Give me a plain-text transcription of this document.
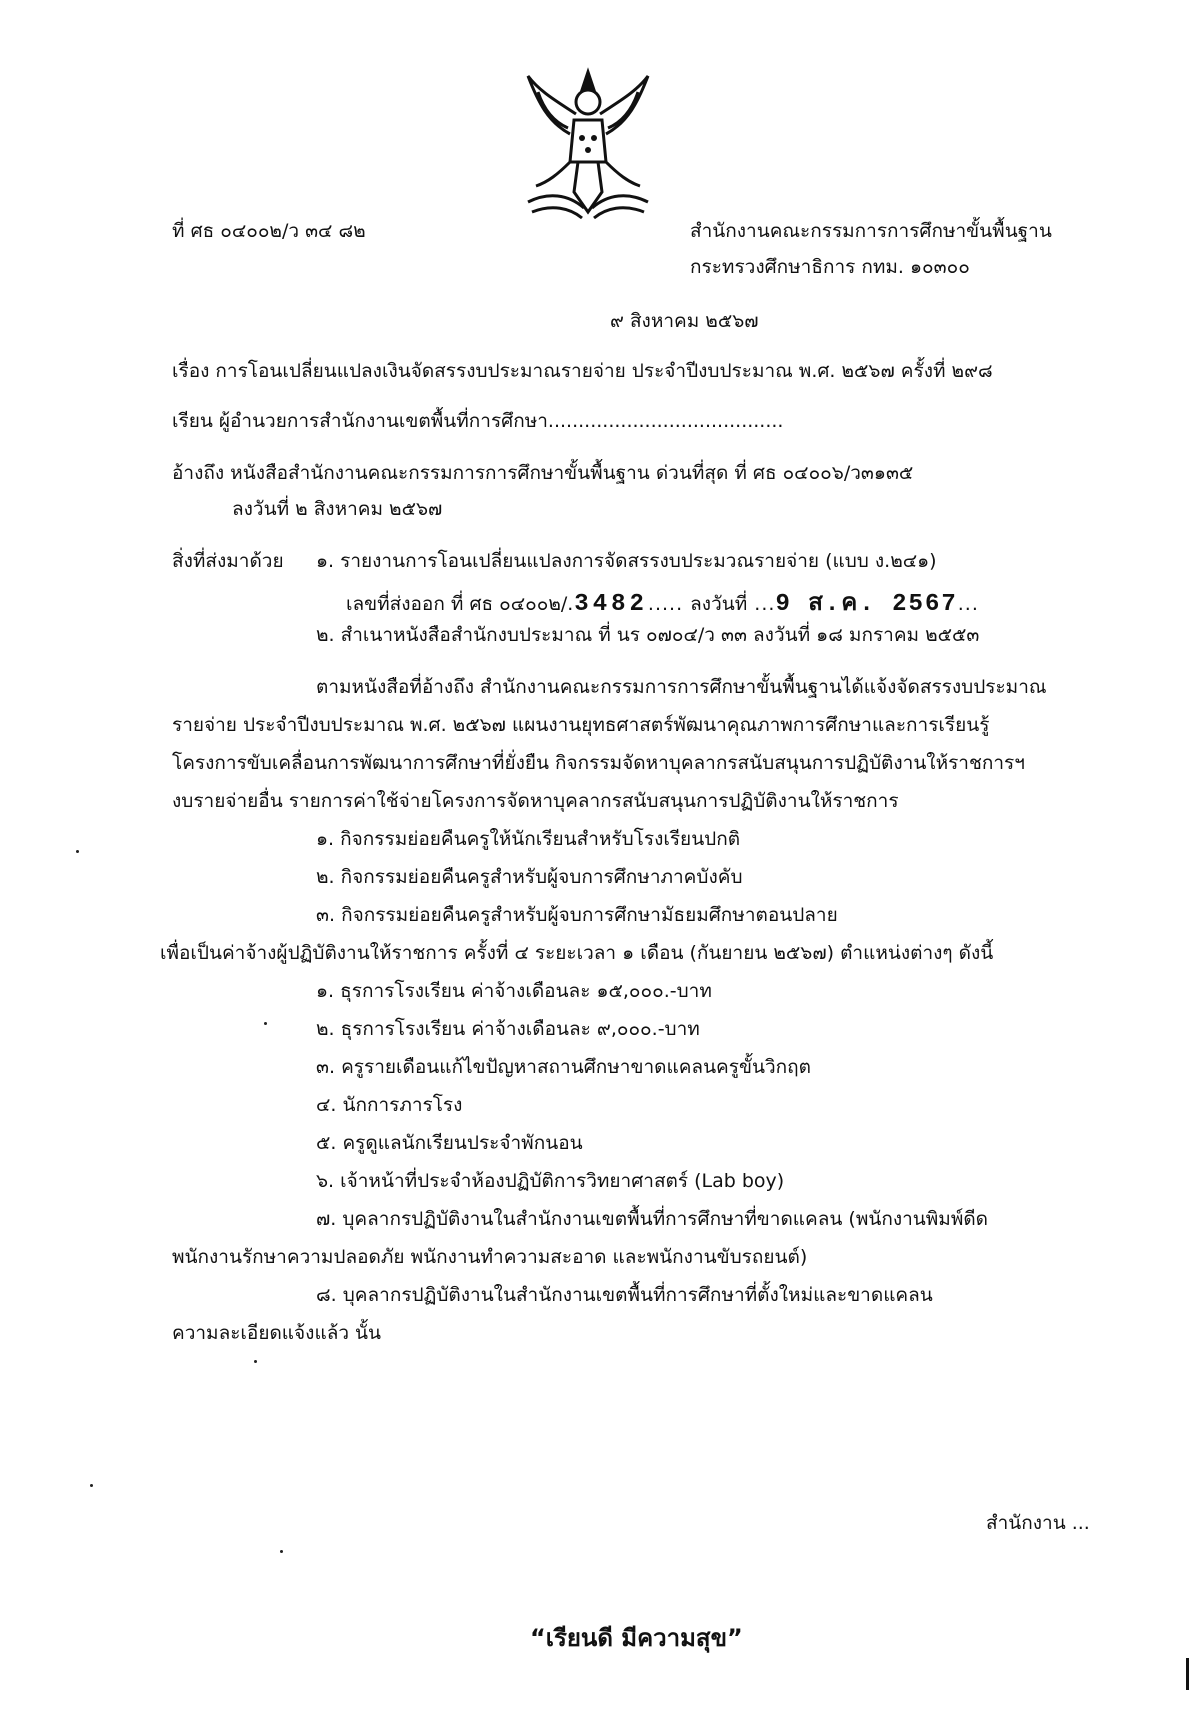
ที่ ศธ ๐๔๐๐๒/ว ๓๔ ๘๒	สำนักงานคณะกรรมการการศึกษาขั้นพื้นฐาน
กระทรวงศึกษาธิการ กทม. ๑๐๓๐๐
๙ สิงหาคม ๒๕๖๗
เรื่อง การโอนเปลี่ยนแปลงเงินจัดสรรงบประมาณรายจ่าย ประจำปีงบประมาณ พ.ศ. ๒๕๖๗ ครั้งที่ ๒๙๘
เรียน ผู้อำนวยการสำนักงานเขตพื้นที่การศึกษา.......................................
อ้างถึง หนังสือสำนักงานคณะกรรมการการศึกษาขั้นพื้นฐาน ด่วนที่สุด ที่ ศธ ๐๔๐๐๖/ว๓๑๓๕
ลงวันที่ ๒ สิงหาคม ๒๕๖๗
สิ่งที่ส่งมาด้วย ๑. รายงานการโอนเปลี่ยนแปลงการจัดสรรงบประมวณรายจ่าย (แบบ ง.๒๔๑)
เลขที่ส่งออก ที่ ศธ ๐๔๐๐๒/.3482..... ลงวันที่ ...9 ส.ค. 2567...
๒. สำเนาหนังสือสำนักงบประมาณ ที่ นร ๐๗๐๔/ว ๓๓ ลงวันที่ ๑๘ มกราคม ๒๕๕๓
ตามหนังสือที่อ้างถึง สำนักงานคณะกรรมการการศึกษาขั้นพื้นฐานได้แจ้งจัดสรรงบประมาณ
รายจ่าย ประจำปีงบประมาณ พ.ศ. ๒๕๖๗ แผนงานยุทธศาสตร์พัฒนาคุณภาพการศึกษาและการเรียนรู้
โครงการขับเคลื่อนการพัฒนาการศึกษาที่ยั่งยืน กิจกรรมจัดหาบุคลากรสนับสนุนการปฏิบัติงานให้ราชการฯ
งบรายจ่ายอื่น รายการค่าใช้จ่ายโครงการจัดหาบุคลากรสนับสนุนการปฏิบัติงานให้ราชการ
๑. กิจกรรมย่อยคืนครูให้นักเรียนสำหรับโรงเรียนปกติ
๒. กิจกรรมย่อยคืนครูสำหรับผู้จบการศึกษาภาคบังคับ
๓. กิจกรรมย่อยคืนครูสำหรับผู้จบการศึกษามัธยมศึกษาตอนปลาย
เพื่อเป็นค่าจ้างผู้ปฏิบัติงานให้ราชการ ครั้งที่ ๔ ระยะเวลา ๑ เดือน (กันยายน ๒๕๖๗) ตำแหน่งต่างๆ ดังนี้
๑. ธุรการโรงเรียน ค่าจ้างเดือนละ ๑๕,๐๐๐.-บาท
๒. ธุรการโรงเรียน ค่าจ้างเดือนละ ๙,๐๐๐.-บาท
๓. ครูรายเดือนแก้ไขปัญหาสถานศึกษาขาดแคลนครูขั้นวิกฤต
๔. นักการภารโรง
๕. ครูดูแลนักเรียนประจำพักนอน
๖. เจ้าหน้าที่ประจำห้องปฏิบัติการวิทยาศาสตร์ (Lab boy)
๗. บุคลากรปฏิบัติงานในสำนักงานเขตพื้นที่การศึกษาที่ขาดแคลน (พนักงานพิมพ์ดีด
พนักงานรักษาความปลอดภัย พนักงานทำความสะอาด และพนักงานขับรถยนต์)
๘. บุคลากรปฏิบัติงานในสำนักงานเขตพื้นที่การศึกษาที่ตั้งใหม่และขาดแคลน
ความละเอียดแจ้งแล้ว นั้น
สำนักงาน ...
“เรียนดี มีความสุข”
